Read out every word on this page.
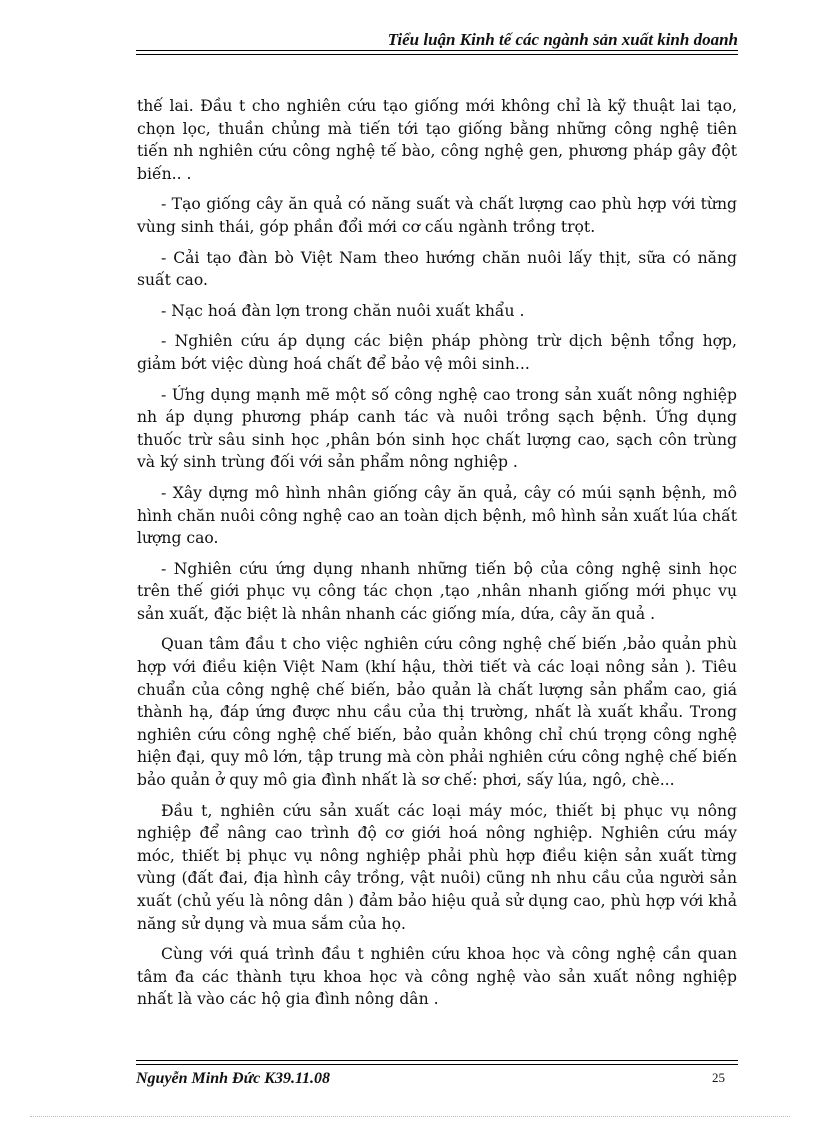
Tiểu luận Kinh tế các ngành sản xuất kinh doanh

thế lai. Đầu t cho nghiên cứu tạo giống mới không chỉ là kỹ thuật lai tạo, chọn lọc, thuần chủng mà tiến tới tạo giống bằng những công nghệ tiên tiến nh nghiên cứu công nghệ tế bào, công nghệ gen, phương pháp gây đột biến.. .

- Tạo giống cây ăn quả có năng suất và chất lượng cao phù hợp với từng vùng sinh thái, góp phần đổi mới cơ cấu ngành trồng trọt.

- Cải tạo đàn bò Việt Nam theo hướng chăn nuôi lấy thịt, sữa có năng suất cao.

- Nạc hoá đàn lợn trong chăn nuôi xuất khẩu .

- Nghiên cứu áp dụng các biện pháp phòng trừ dịch bệnh tổng hợp, giảm bớt việc dùng hoá chất để bảo vệ môi sinh...

- Ứng dụng mạnh mẽ một số công nghệ cao trong sản xuất nông nghiệp nh áp dụng phương pháp canh tác và nuôi trồng sạch bệnh. Ứng dụng thuốc trừ sâu sinh học ,phân bón sinh học chất lượng cao, sạch côn trùng và ký sinh trùng đối với sản phẩm nông nghiệp .

- Xây dựng mô hình nhân giống cây ăn quả, cây có múi sạnh bệnh, mô hình chăn nuôi công nghệ cao an toàn dịch bệnh, mô hình sản xuất lúa chất lượng cao.

- Nghiên cứu ứng dụng nhanh những tiến bộ của công nghệ sinh học trên thế giới phục vụ công tác chọn ,tạo ,nhân nhanh giống mới phục vụ sản xuất, đặc biệt là nhân nhanh các giống mía, dứa, cây ăn quả .

Quan tâm đầu t cho việc nghiên cứu công nghệ chế biến ,bảo quản phù hợp với điều kiện Việt Nam (khí hậu, thời tiết và các loại nông sản ). Tiêu chuẩn của công nghệ chế biến, bảo quản là chất lượng sản phẩm cao, giá thành hạ, đáp ứng được nhu cầu của thị trường, nhất là xuất khẩu. Trong nghiên cứu công nghệ chế biến, bảo quản không chỉ chú trọng công nghệ hiện đại, quy mô lớn, tập trung mà còn phải nghiên cứu công nghệ chế biến bảo quản ở quy mô gia đình nhất là sơ chế: phơi, sấy lúa, ngô, chè...

Đầu t, nghiên cứu sản xuất các loại máy móc, thiết bị phục vụ nông nghiệp để nâng cao trình độ cơ giới hoá nông nghiệp. Nghiên cứu máy móc, thiết bị phục vụ nông nghiệp phải phù hợp điều kiện sản xuất từng vùng (đất đai, địa hình cây trồng, vật nuôi) cũng nh nhu cầu của người sản xuất (chủ yếu là nông dân ) đảm bảo hiệu quả sử dụng cao, phù hợp với khả năng sử dụng và mua sắm của họ.

Cùng với quá trình đầu t nghiên cứu khoa học và công nghệ cần quan tâm đa các thành tựu khoa học và công nghệ vào sản xuất nông nghiệp nhất là vào các hộ gia đình nông dân .

Nguyễn Minh Đức K39.11.08	25
